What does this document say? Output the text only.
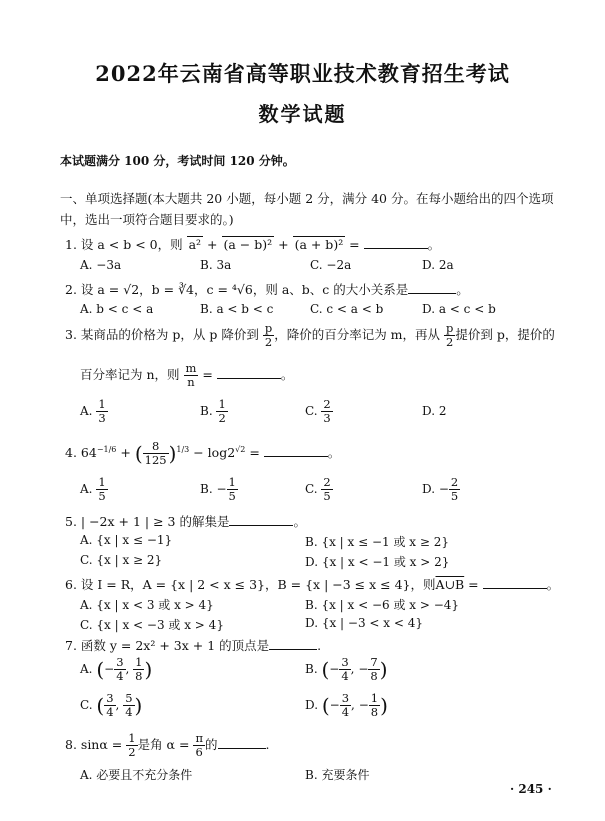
2022年云南省高等职业技术教育招生考试
数学试题
本试题满分 100 分，考试时间 120 分钟。
一、单项选择题(本大题共 20 小题，每小题 2 分，满分 40 分。在每小题给出的四个选项中，选出一项符合题目要求的。)
1. 设 a < b < 0，则 a² + (a − b)² + (a + b)² =	。
A. −3a	B. 3a	C. −2a	D. 2a
2. 设 a = √2，b = ∛4，c = ⁴√6，则 a、b、c 的大小关系是	。
A. b < c < a	B. a < b < c	C. c < a < b	D. a < c < b
3. 某商品的价格为 p，从 p 降价到 $\frac{p}{2}$ ，降价的百分率记为 m，再从 $\frac{p}{2}$ 提价到 p，提价的
百分率记为 n，则 $\frac{m}{n}$ =	。
A. $\frac{1}{3}$	B. $\frac{1}{2}$	C. $\frac{2}{3}$	D. 2
4. $64^{-1/6}$ + ( $\frac{8}{125} )^{1/3} - \log 2^{√2}$ =	。
A. $\frac{1}{5}$	B. − $\frac{1}{5}$	C. $\frac{2}{5}$	D. − $\frac{2}{5}$
5. | −2x + 1 | ≥ 3 的解集是	。
A. {x | x ≤ −1}	B. {x | x ≤ −1 或 x ≥ 2}
C. {x | x ≥ 2}	D. {x | x < −1 或 x > 2}
6. 设 I = R，A = {x | 2 < x ≤ 3}，B = {x | −3 ≤ x ≤ 4}，则A∪B =	。
A. {x | x < 3 或 x > 4}	B. {x | x < −6 或 x > −4}
C. {x | x < −3 或 x > 4}	D. {x | −3 < x < 4}
7. 函数 y = 2x² + 3x + 1 的顶点是	.
A. (− $\frac{3}{4}$ , $\frac{1}{8}$ )	B. (− $\frac{3}{4}$ , − $\frac{7}{8}$ )
C. ( $\frac{3}{4}$ , $\frac{5}{4}$ )	D. (− $\frac{3}{4}$ , − $\frac{1}{8}$ )
8. $\sin\alpha = \frac{1}{2}$ 是角 $\alpha = \frac{\pi}{6}$ 的	.
A. 必要且不充分条件	B. 充要条件
· 245 ·
